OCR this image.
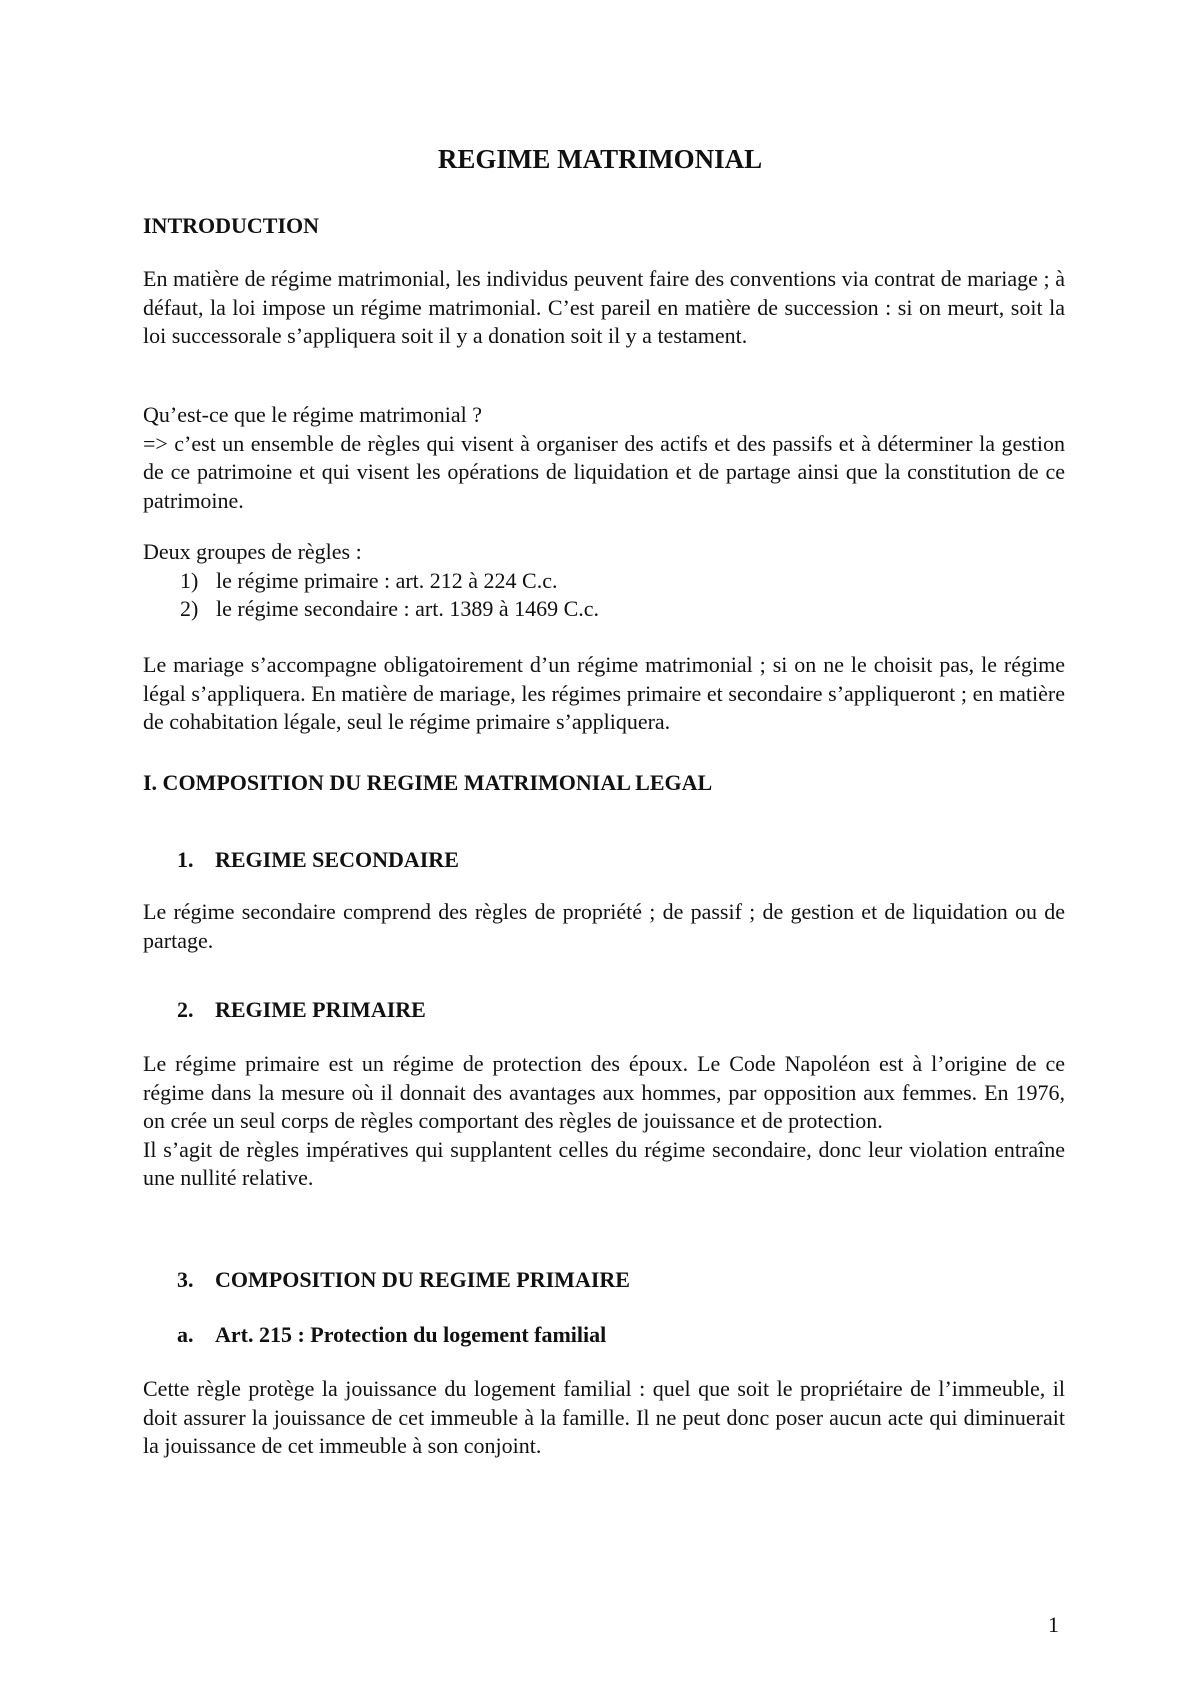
REGIME MATRIMONIAL
INTRODUCTION

En matière de régime matrimonial, les individus peuvent faire des conventions via contrat de mariage ; à défaut, la loi impose un régime matrimonial. C’est pareil en matière de succession : si on meurt, soit la loi successorale s’appliquera soit il y a donation soit il y a testament.

Qu’est-ce que le régime matrimonial ?

=> c’est un ensemble de règles qui visent à organiser des actifs et des passifs et à déterminer la gestion de ce patrimoine et qui visent les opérations de liquidation et de partage ainsi que la constitution de ce patrimoine.

Deux groupes de règles :

1) le régime primaire : art. 212 à 224 C.c.
2) le régime secondaire : art. 1389 à 1469 C.c.

Le mariage s’accompagne obligatoirement d’un régime matrimonial ; si on ne le choisit pas, le régime légal s’appliquera. En matière de mariage, les régimes primaire et secondaire s’appliqueront ; en matière de cohabitation légale, seul le régime primaire s’appliquera.

I. COMPOSITION DU REGIME MATRIMONIAL LEGAL
1. REGIME SECONDAIRE

Le régime secondaire comprend des règles de propriété ; de passif ; de gestion et de liquidation ou de partage.

2. REGIME PRIMAIRE

Le régime primaire est un régime de protection des époux. Le Code Napoléon est à l’origine de ce régime dans la mesure où il donnait des avantages aux hommes, par opposition aux femmes. En 1976, on crée un seul corps de règles comportant des règles de jouissance et de protection.

Il s’agit de règles impératives qui supplantent celles du régime secondaire, donc leur violation entraîne une nullité relative.

3. COMPOSITION DU REGIME PRIMAIRE
a. Art. 215 : Protection du logement familial

Cette règle protège la jouissance du logement familial : quel que soit le propriétaire de l’immeuble, il doit assurer la jouissance de cet immeuble à la famille. Il ne peut donc poser aucun acte qui diminuerait la jouissance de cet immeuble à son conjoint.

1
